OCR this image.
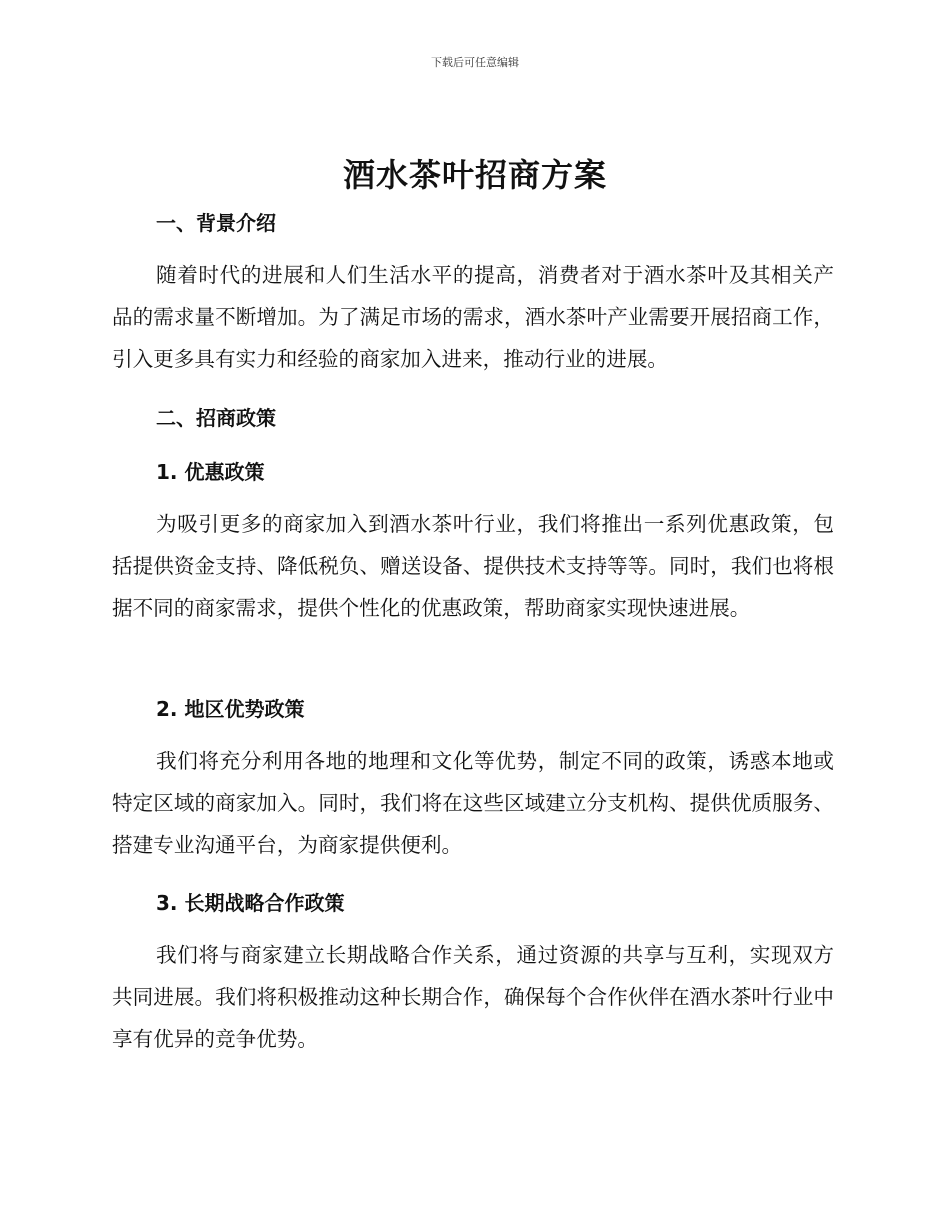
下载后可任意编辑
酒水茶叶招商方案
一、背景介绍
随着时代的进展和人们生活水平的提高，消费者对于酒水茶叶及其相关产品的需求量不断增加。为了满足市场的需求，酒水茶叶产业需要开展招商工作，引入更多具有实力和经验的商家加入进来，推动行业的进展。
二、招商政策
1. 优惠政策
为吸引更多的商家加入到酒水茶叶行业，我们将推出一系列优惠政策，包括提供资金支持、降低税负、赠送设备、提供技术支持等等。同时，我们也将根据不同的商家需求，提供个性化的优惠政策，帮助商家实现快速进展。
2. 地区优势政策
我们将充分利用各地的地理和文化等优势，制定不同的政策，诱惑本地或特定区域的商家加入。同时，我们将在这些区域建立分支机构、提供优质服务、搭建专业沟通平台，为商家提供便利。
3. 长期战略合作政策
我们将与商家建立长期战略合作关系，通过资源的共享与互利，实现双方共同进展。我们将积极推动这种长期合作，确保每个合作伙伴在酒水茶叶行业中享有优异的竞争优势。
